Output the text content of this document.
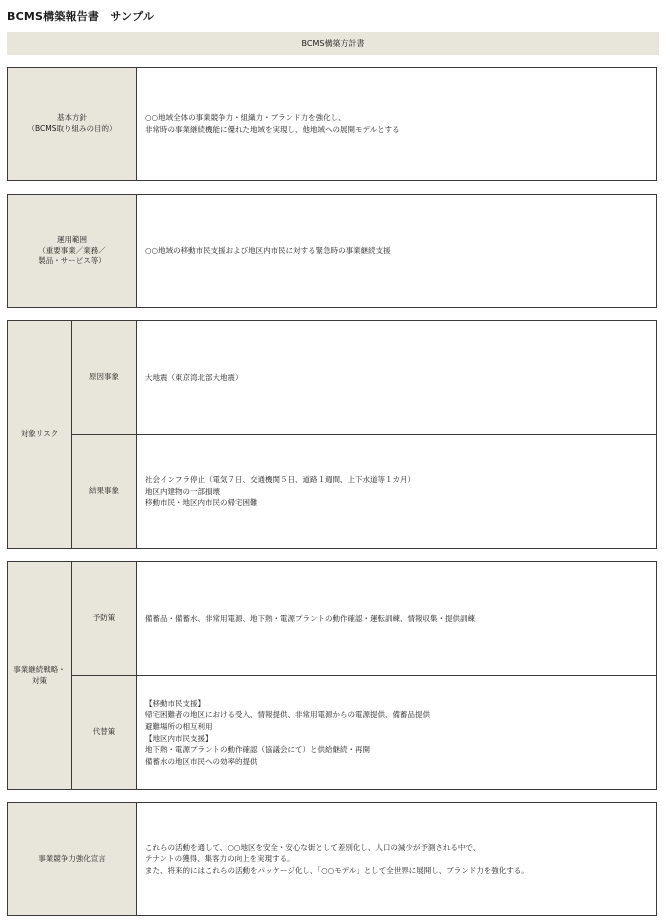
BCMS構築報告書　サンプル
BCMS構築方計書
基本方針
（BCMS取り組みの目的）
○○地域全体の事業競争力・組織力・ブランド力を強化し、
非常時の事業継続機能に優れた地域を実現し、他地域への展開モデルとする
運用範囲
（重要事業／業務／
製品・サービス等）
○○地域の移動市民支援および地区内市民に対する緊急時の事業継続支援
対象リスク
原因事象	大地震（東京湾北部大地震）
結果事象
社会インフラ停止（電気７日、交通機関５日、道路１週間、上下水道等１カ月）
地区内建物の一部損壊
移動市民・地区内市民の帰宅困難
事業継続戦略・
対策
予防策	備蓄品・備蓄水、非常用電源、地下熱・電源プラントの動作確認・運転訓練、情報収集・提供訓練
代替策
【移動市民支援】
帰宅困難者の地区における受入、情報提供、非常用電源からの電源提供、備蓄品提供
避難場所の相互利用
【地区内市民支援】
地下熱・電源プラントの動作確認（協議会にて）と供給継続・再開
備蓄水の地区市民への効率的提供
事業競争力強化宣言
これらの活動を通して、○○地区を安全・安心な街として差別化し、人口の減少が予測される中で、
テナントの獲得、集客力の向上を実現する。
また、将来的にはこれらの活動をパッケージ化し、「○○モデル」として全世界に展開し、ブランド力を強化する。
